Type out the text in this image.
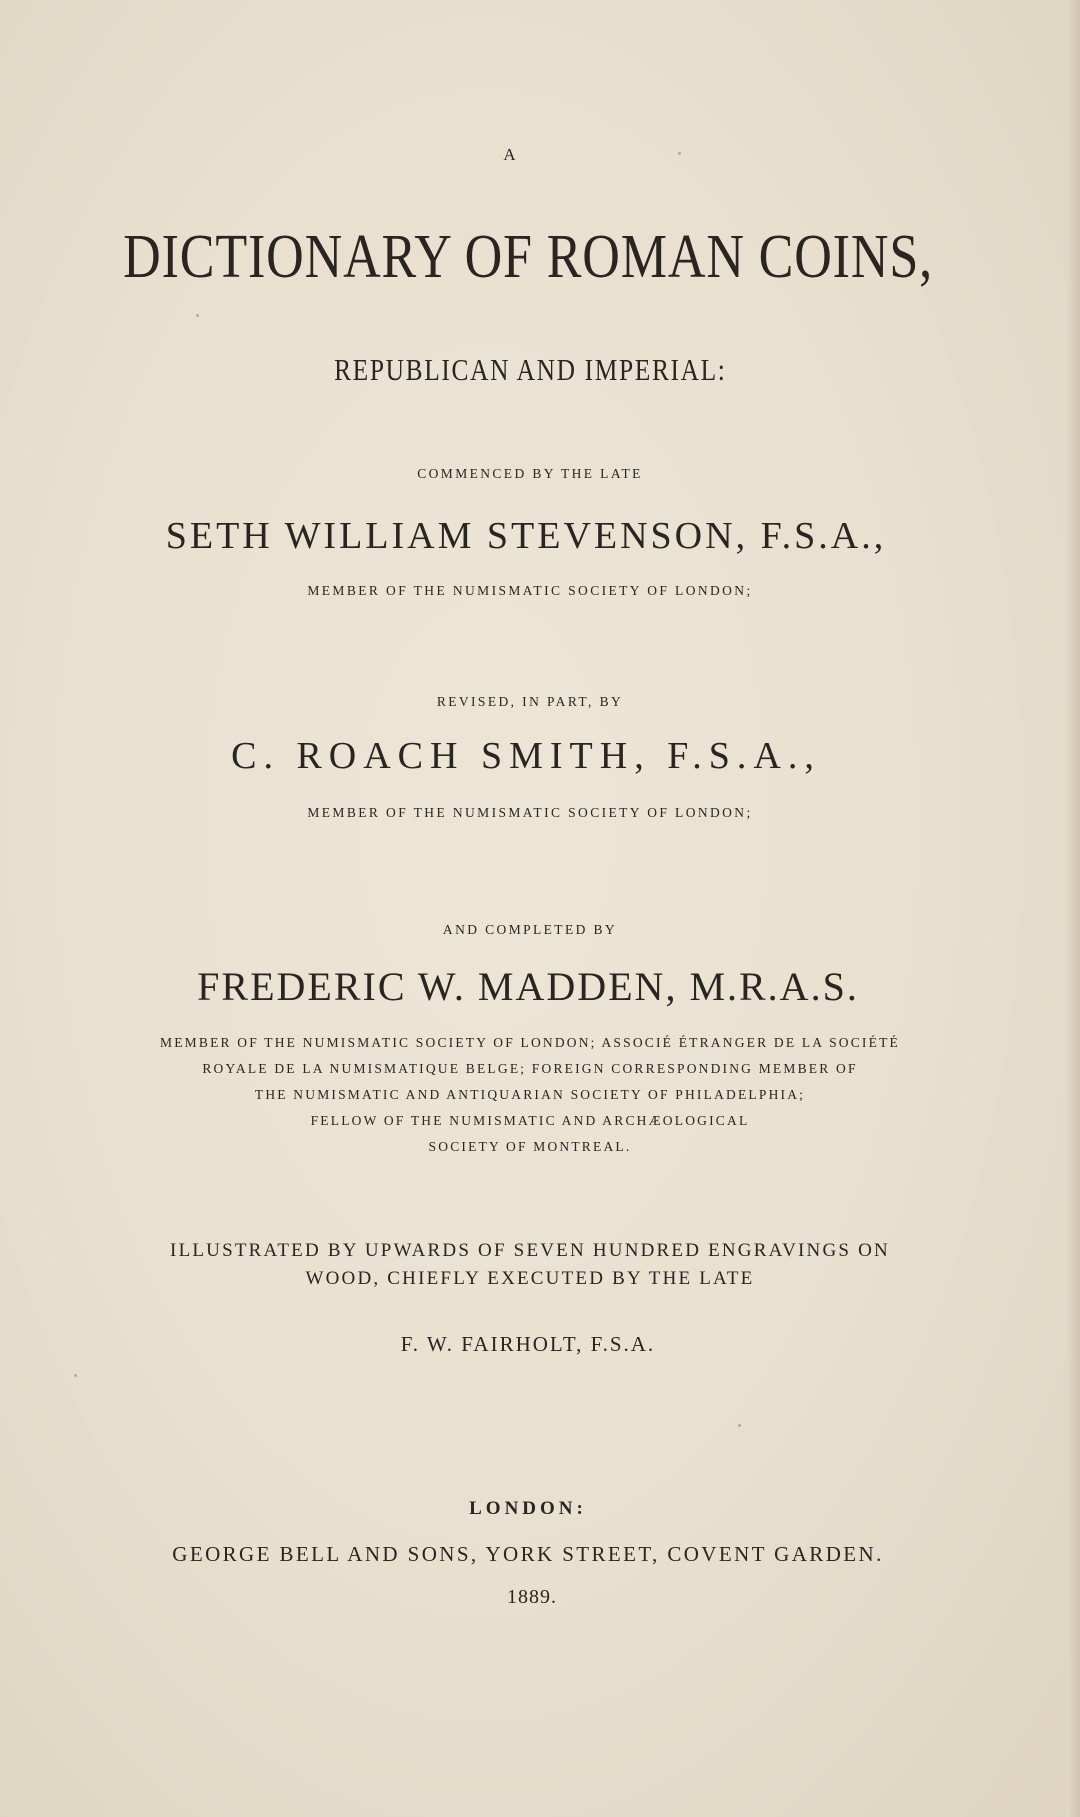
A

DICTIONARY OF ROMAN COINS,

REPUBLICAN AND IMPERIAL:

COMMENCED BY THE LATE

SETH WILLIAM STEVENSON, F.S.A.,

MEMBER OF THE NUMISMATIC SOCIETY OF LONDON;

REVISED, IN PART, BY

C. ROACH SMITH, F.S.A.,

MEMBER OF THE NUMISMATIC SOCIETY OF LONDON;

AND COMPLETED BY

FREDERIC W. MADDEN, M.R.A.S.

MEMBER OF THE NUMISMATIC SOCIETY OF LONDON; ASSOCIÉ ÉTRANGER DE LA SOCIÉTÉ

ROYALE DE LA NUMISMATIQUE BELGE; FOREIGN CORRESPONDING MEMBER OF

THE NUMISMATIC AND ANTIQUARIAN SOCIETY OF PHILADELPHIA;

FELLOW OF THE NUMISMATIC AND ARCHÆOLOGICAL

SOCIETY OF MONTREAL.

ILLUSTRATED BY UPWARDS OF SEVEN HUNDRED ENGRAVINGS ON

WOOD, CHIEFLY EXECUTED BY THE LATE

F. W. FAIRHOLT, F.S.A.

LONDON:

GEORGE BELL AND SONS, YORK STREET, COVENT GARDEN.

1889.
